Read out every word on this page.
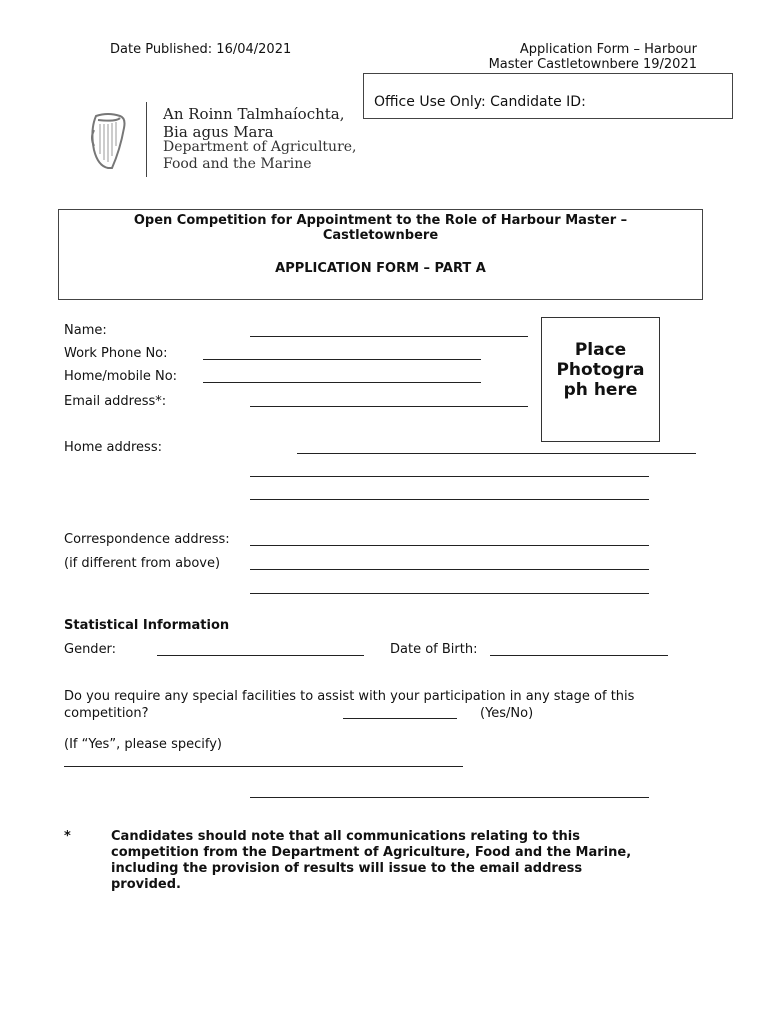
Date Published: 16/04/2021	Application Form – Harbour
Master Castletownbere 19/2021
Office Use Only: Candidate ID:
An Roinn Talmhaíochta,
Bia agus Mara
Department of Agriculture,
Food and the Marine
Open Competition for Appointment to the Role of Harbour Master –
Castletownbere
APPLICATION FORM – PART A
Name:
Work Phone No:
Home/mobile No:
Email address*:
Place
Photogra
ph here
Home address:
Correspondence address:
(if different from above)
Statistical Information
Gender:	Date of Birth:
Do you require any special facilities to assist with your participation in any stage of this
competition?	(Yes/No)
(If “Yes”, please specify)
*	Candidates should note that all communications relating to this
competition from the Department of Agriculture, Food and the Marine,
including the provision of results will issue to the email address
provided.
